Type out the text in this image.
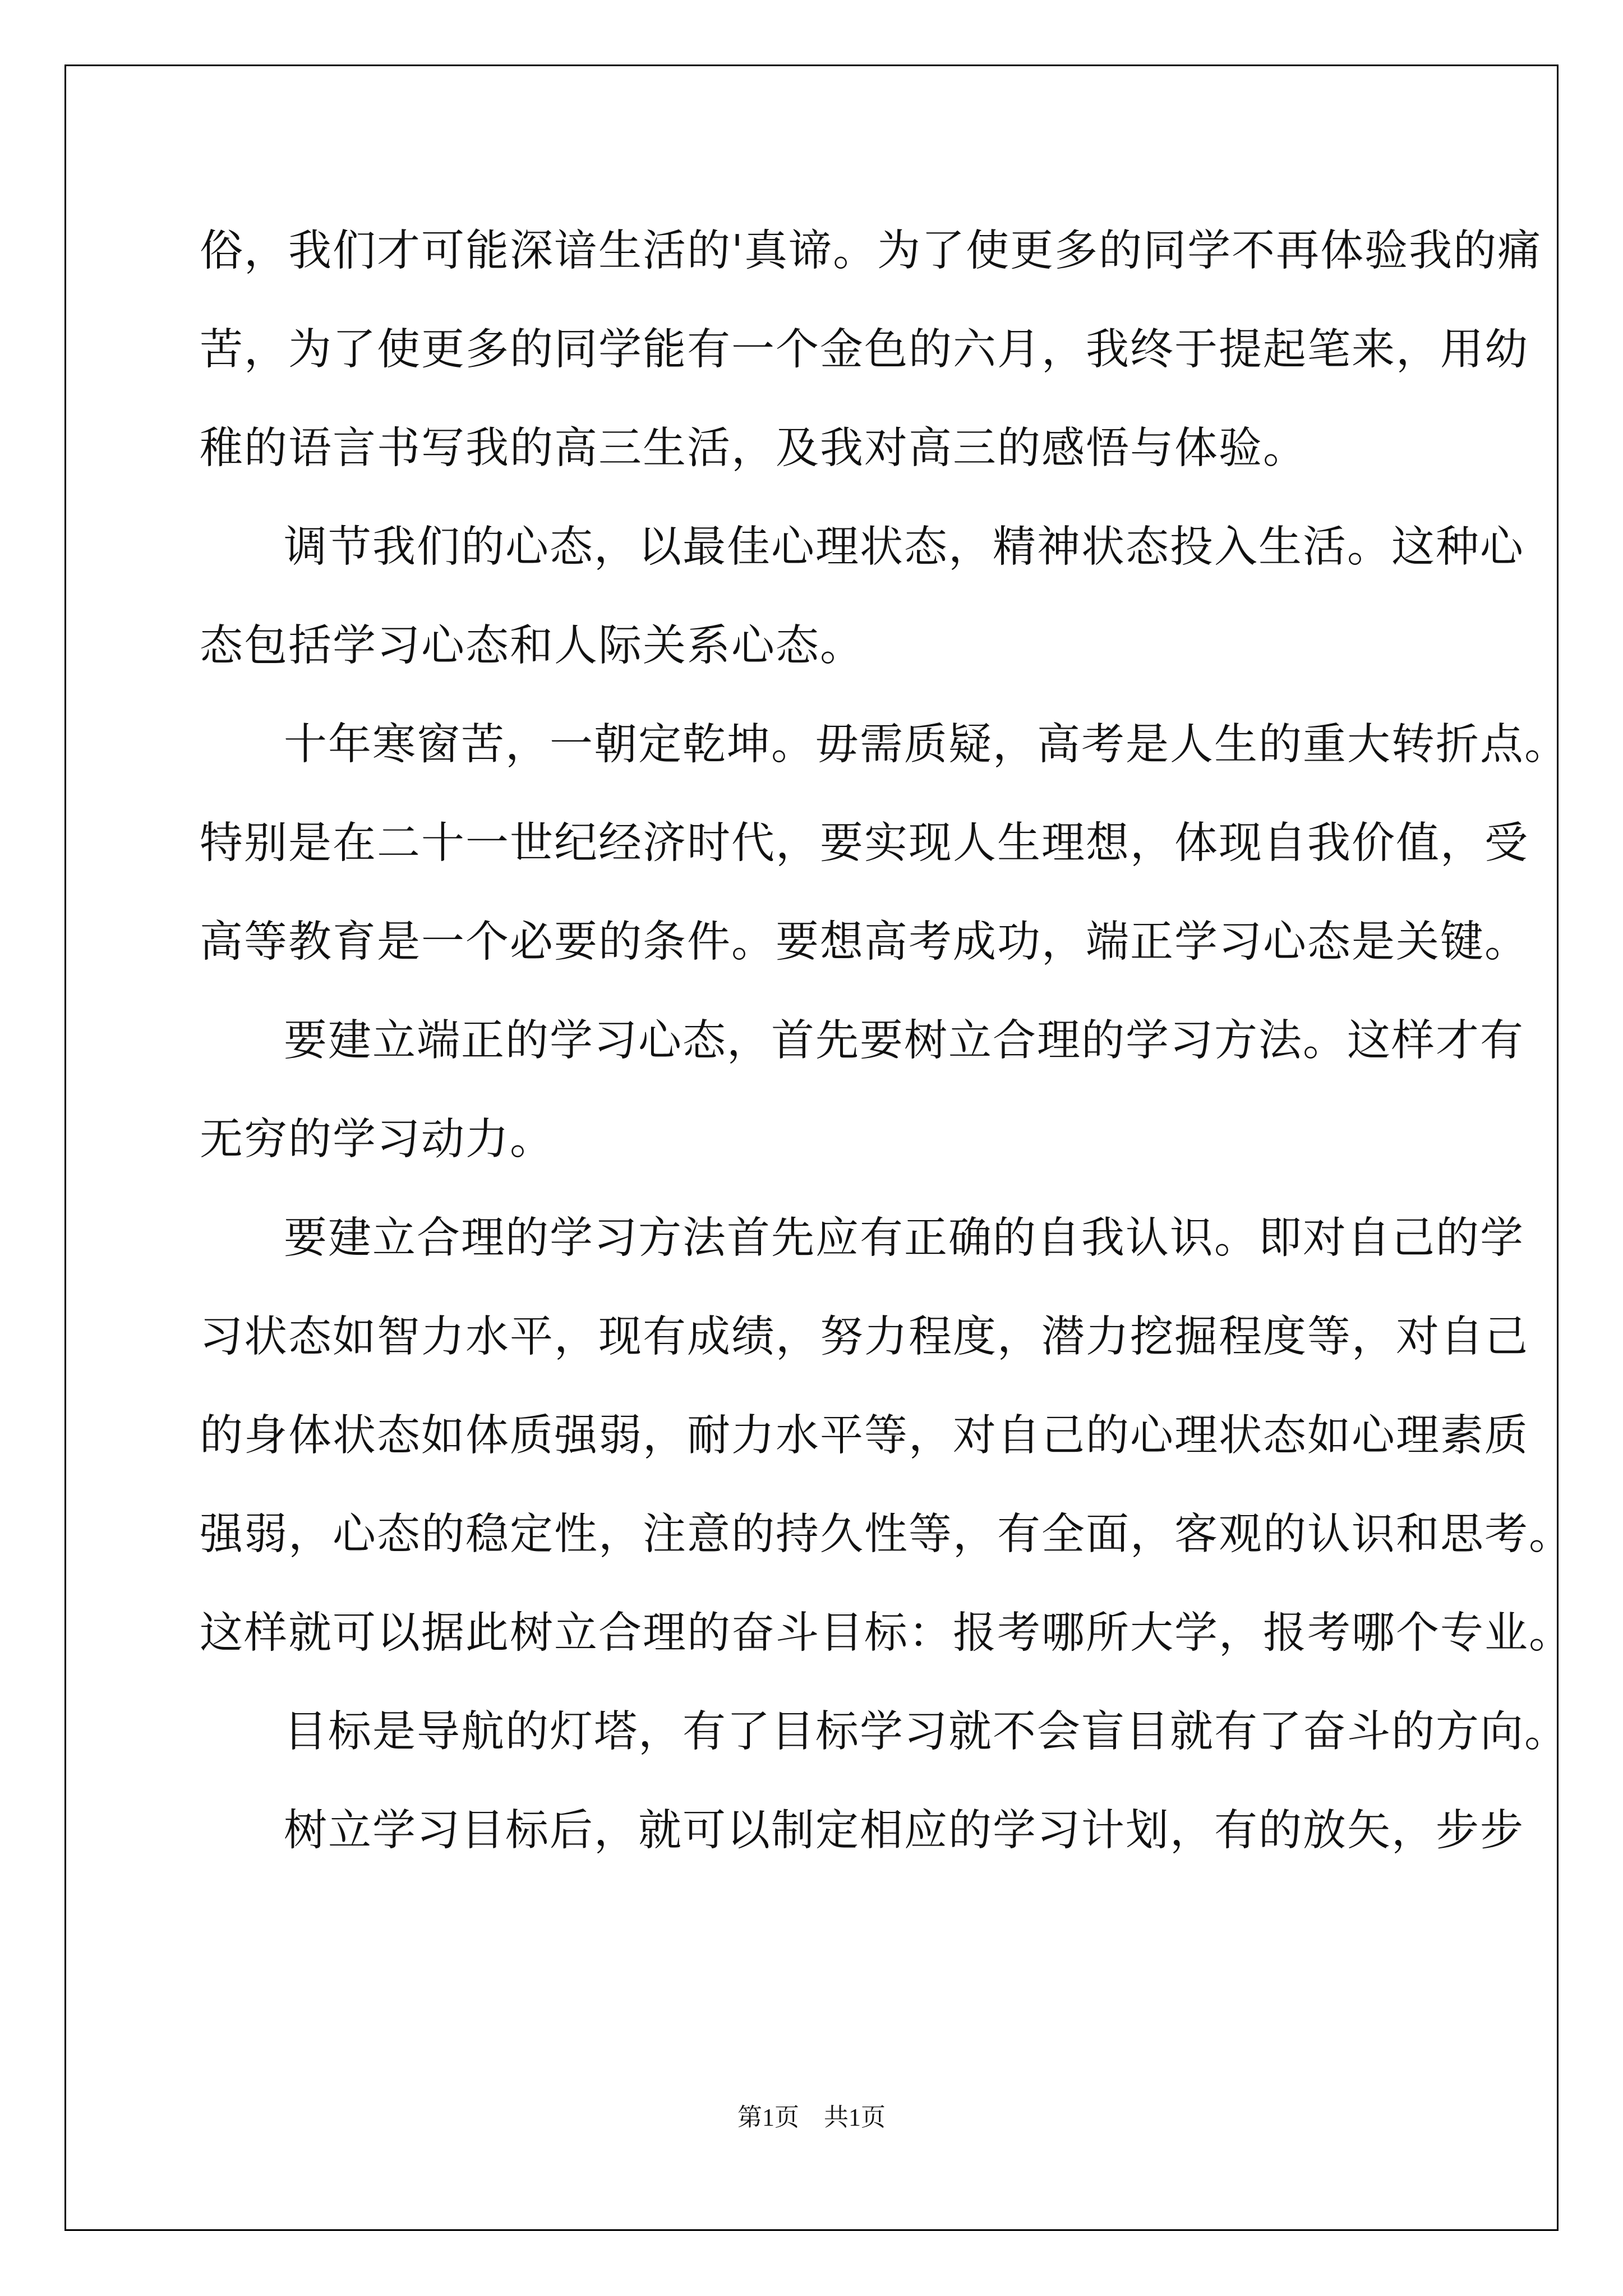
俗，我们才可能深谙生活的'真谛。为了使更多的同学不再体验我的痛
苦，为了使更多的同学能有一个金色的六月，我终于提起笔来，用幼
稚的语言书写我的高三生活，及我对高三的感悟与体验。
调节我们的心态，以最佳心理状态，精神状态投入生活。这种心
态包括学习心态和人际关系心态。
十年寒窗苦，一朝定乾坤。毋需质疑，高考是人生的重大转折点。
特别是在二十一世纪经济时代，要实现人生理想，体现自我价值，受
高等教育是一个必要的条件。要想高考成功，端正学习心态是关键。
要建立端正的学习心态，首先要树立合理的学习方法。这样才有
无穷的学习动力。
要建立合理的学习方法首先应有正确的自我认识。即对自己的学
习状态如智力水平，现有成绩，努力程度，潜力挖掘程度等，对自己
的身体状态如体质强弱，耐力水平等，对自己的心理状态如心理素质
强弱，心态的稳定性，注意的持久性等，有全面，客观的认识和思考。
这样就可以据此树立合理的奋斗目标：报考哪所大学，报考哪个专业。
目标是导航的灯塔，有了目标学习就不会盲目就有了奋斗的方向。
树立学习目标后，就可以制定相应的学习计划，有的放矢，步步
第1页　共1页
